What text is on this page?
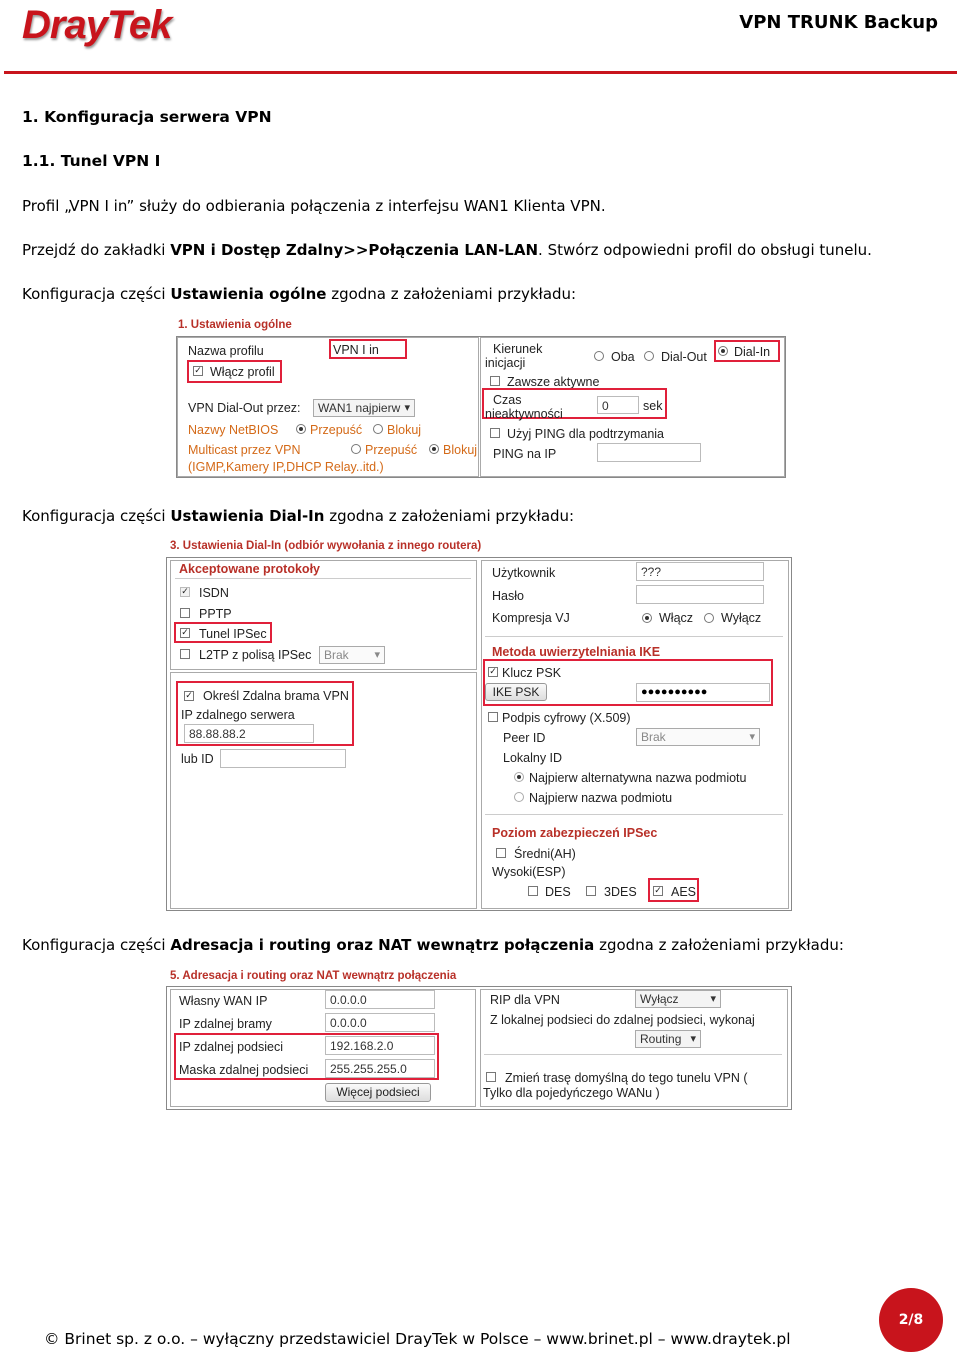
DrayTek	VPN TRUNK Backup
1. Konfiguracja serwera VPN
1.1. Tunel VPN I
Profil „VPN I in” służy do odbierania połączenia z interfejsu WAN1 Klienta VPN.
Przejdź do zakładki VPN i Dostęp Zdalny>>Połączenia LAN-LAN. Stwórz odpowiedni profil do obsługi tunelu.
Konfiguracja części Ustawienia ogólne zgodna z założeniami przykładu:
1. Ustawienia ogólne
Nazwa profilu	VPN I in
✓
Włącz profil
VPN Dial-Out przez:	WAN1 najpierw ▾
Nazwy NetBIOS	Przepuść Blokuj
Multicast przez VPN	Przepuść Blokuj
(IGMP,Kamery IP,DHCP Relay..itd.)
Kierunek
inicjacji	Oba Dial-Out Dial-In
Zawsze aktywne
Czas
nieaktywności
0	sek
Użyj PING dla podtrzymania
PING na IP
Konfiguracja części Ustawienia Dial-In zgodna z założeniami przykładu:
3. Ustawienia Dial-In (odbiór wywołania z innego routera)
Akceptowane protokoły
✓
ISDN
PPTP
✓
Tunel IPSec
L2TP z polisą IPSec	Brak ▾
✓
Określ Zdalna brama VPN
IP zdalnego serwera
88.88.88.2
lub ID
Użytkownik	???
Hasło
Kompresja VJ	Włącz Wyłącz
Metoda uwierzytelniania IKE
✓
Klucz PSK
IKE PSK	●●●●●●●●●●
Podpis cyfrowy (X.509)
Peer ID	Brak ▾
Lokalny ID
Najpierw alternatywna nazwa podmiotu
Najpierw nazwa podmiotu
Poziom zabezpieczeń IPSec
Średni(AH)
Wysoki(ESP)
DES	3DES
✓	AES
Konfiguracja części Adresacja i routing oraz NAT wewnątrz połączenia zgodna z założeniami przykładu:
5. Adresacja i routing oraz NAT wewnątrz połączenia
Własny WAN IP	0.0.0.0
IP zdalnej bramy	0.0.0.0
IP zdalnej podsieci	192.168.2.0
Maska zdalnej podsieci	255.255.255.0
Więcej podsieci
RIP dla VPN	Wyłącz ▾
Z lokalnej podsieci do zdalnej podsieci, wykonaj
Routing ▾
Zmień trasę domyślną do tego tunelu VPN (
Tylko dla pojedyńczego WANu )
© Brinet sp. z o.o. – wyłączny przedstawiciel DrayTek w Polsce – www.brinet.pl – www.draytek.pl
2/8
